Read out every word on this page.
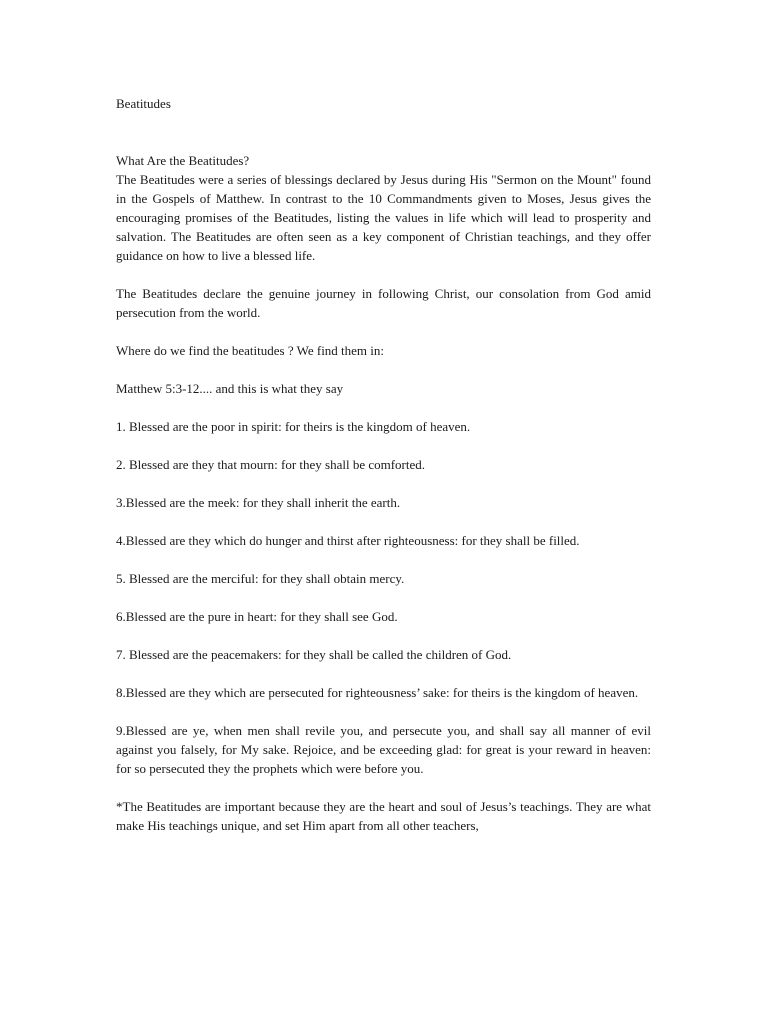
Beatitudes
What Are the Beatitudes?

The Beatitudes were a series of blessings declared by Jesus during His "Sermon on the Mount" found in the Gospels of Matthew. In contrast to the 10 Commandments given to Moses, Jesus gives the encouraging promises of the Beatitudes, listing the values in life which will lead to prosperity and salvation. The Beatitudes are often seen as a key component of Christian teachings, and they offer guidance on how to live a blessed life.

The Beatitudes declare the genuine journey in following Christ, our consolation from God amid persecution from the world.

Where do we find the beatitudes ? We find them in:

Matthew 5:3-12.... and this is what they say

1. Blessed are the poor in spirit: for theirs is the kingdom of heaven.

2. Blessed are they that mourn: for they shall be comforted.

3.Blessed are the meek: for they shall inherit the earth.

4.Blessed are they which do hunger and thirst after righteousness: for they shall be filled.

5. Blessed are the merciful: for they shall obtain mercy.

6.Blessed are the pure in heart: for they shall see God.

7. Blessed are the peacemakers: for they shall be called the children of God.

8.Blessed are they which are persecuted for righteousness’ sake: for theirs is the kingdom of heaven.

9.Blessed are ye, when men shall revile you, and persecute you, and shall say all manner of evil against you falsely, for My sake. Rejoice, and be exceeding glad: for great is your reward in heaven: for so persecuted they the prophets which were before you.

*The Beatitudes are important because they are the heart and soul of Jesus’s teachings. They are what make His teachings unique, and set Him apart from all other teachers,
